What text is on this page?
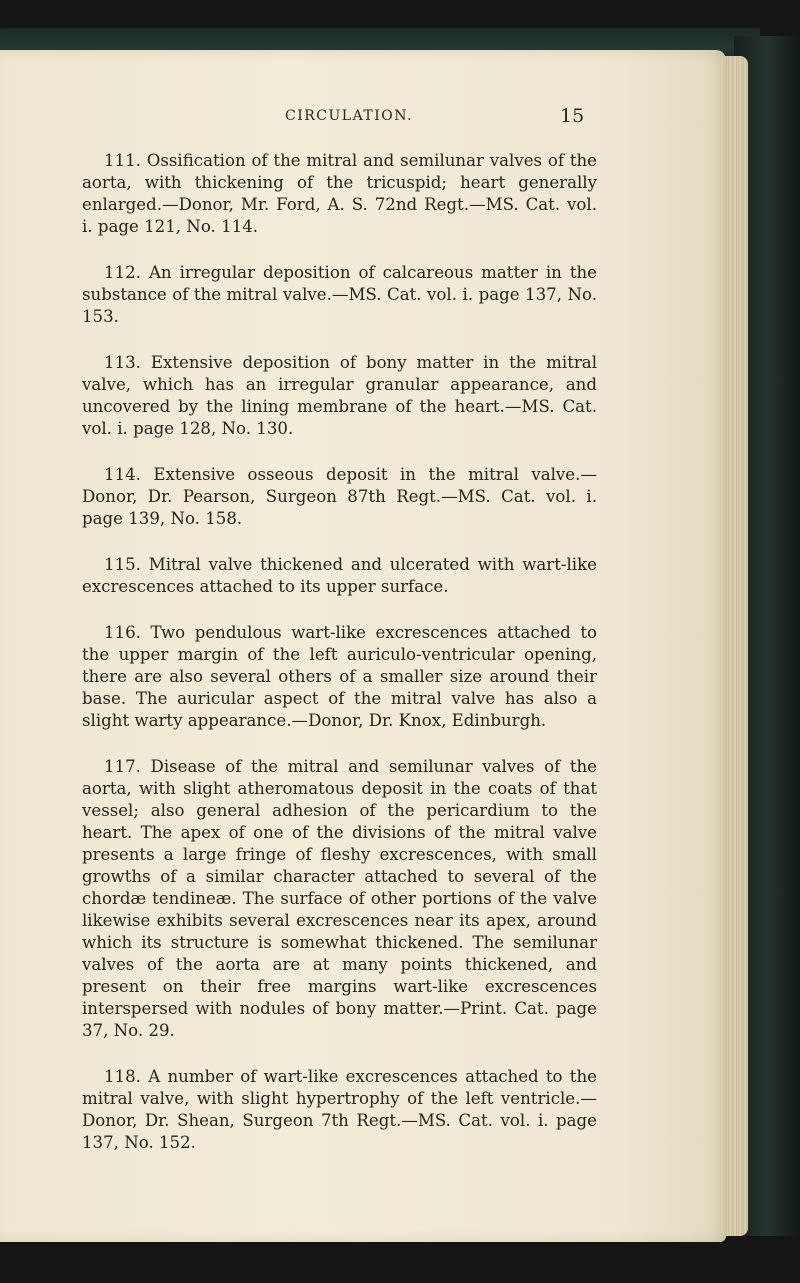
CIRCULATION.	15

111. Ossification of the mitral and semilunar valves of the aorta, with thickening of the tricuspid; heart generally enlarged.—Donor, Mr. Ford, A. S. 72nd Regt.—MS. Cat. vol. i. page 121, No. 114.

112. An irregular deposition of calcareous matter in the substance of the mitral valve.—MS. Cat. vol. i. page 137, No. 153.

113. Extensive deposition of bony matter in the mitral valve, which has an irregular granular appearance, and uncovered by the lining membrane of the heart.—MS. Cat. vol. i. page 128, No. 130.

114. Extensive osseous deposit in the mitral valve.—Donor, Dr. Pearson, Surgeon 87th Regt.—MS. Cat. vol. i. page 139, No. 158.

115. Mitral valve thickened and ulcerated with wart-like excrescences attached to its upper surface.

116. Two pendulous wart-like excrescences attached to the upper margin of the left auriculo-ventricular opening, there are also several others of a smaller size around their base. The auricular aspect of the mitral valve has also a slight warty appearance.—Donor, Dr. Knox, Edinburgh.

117. Disease of the mitral and semilunar valves of the aorta, with slight atheromatous deposit in the coats of that vessel; also general adhesion of the pericardium to the heart. The apex of one of the divisions of the mitral valve presents a large fringe of fleshy excrescences, with small growths of a similar character attached to several of the chordæ tendineæ. The surface of other portions of the valve likewise exhibits several excrescences near its apex, around which its structure is somewhat thickened. The semilunar valves of the aorta are at many points thickened, and present on their free margins wart-like excrescences interspersed with nodules of bony matter.—Print. Cat. page 37, No. 29.

118. A number of wart-like excrescences attached to the mitral valve, with slight hypertrophy of the left ventricle.—Donor, Dr. Shean, Surgeon 7th Regt.—MS. Cat. vol. i. page 137, No. 152.
